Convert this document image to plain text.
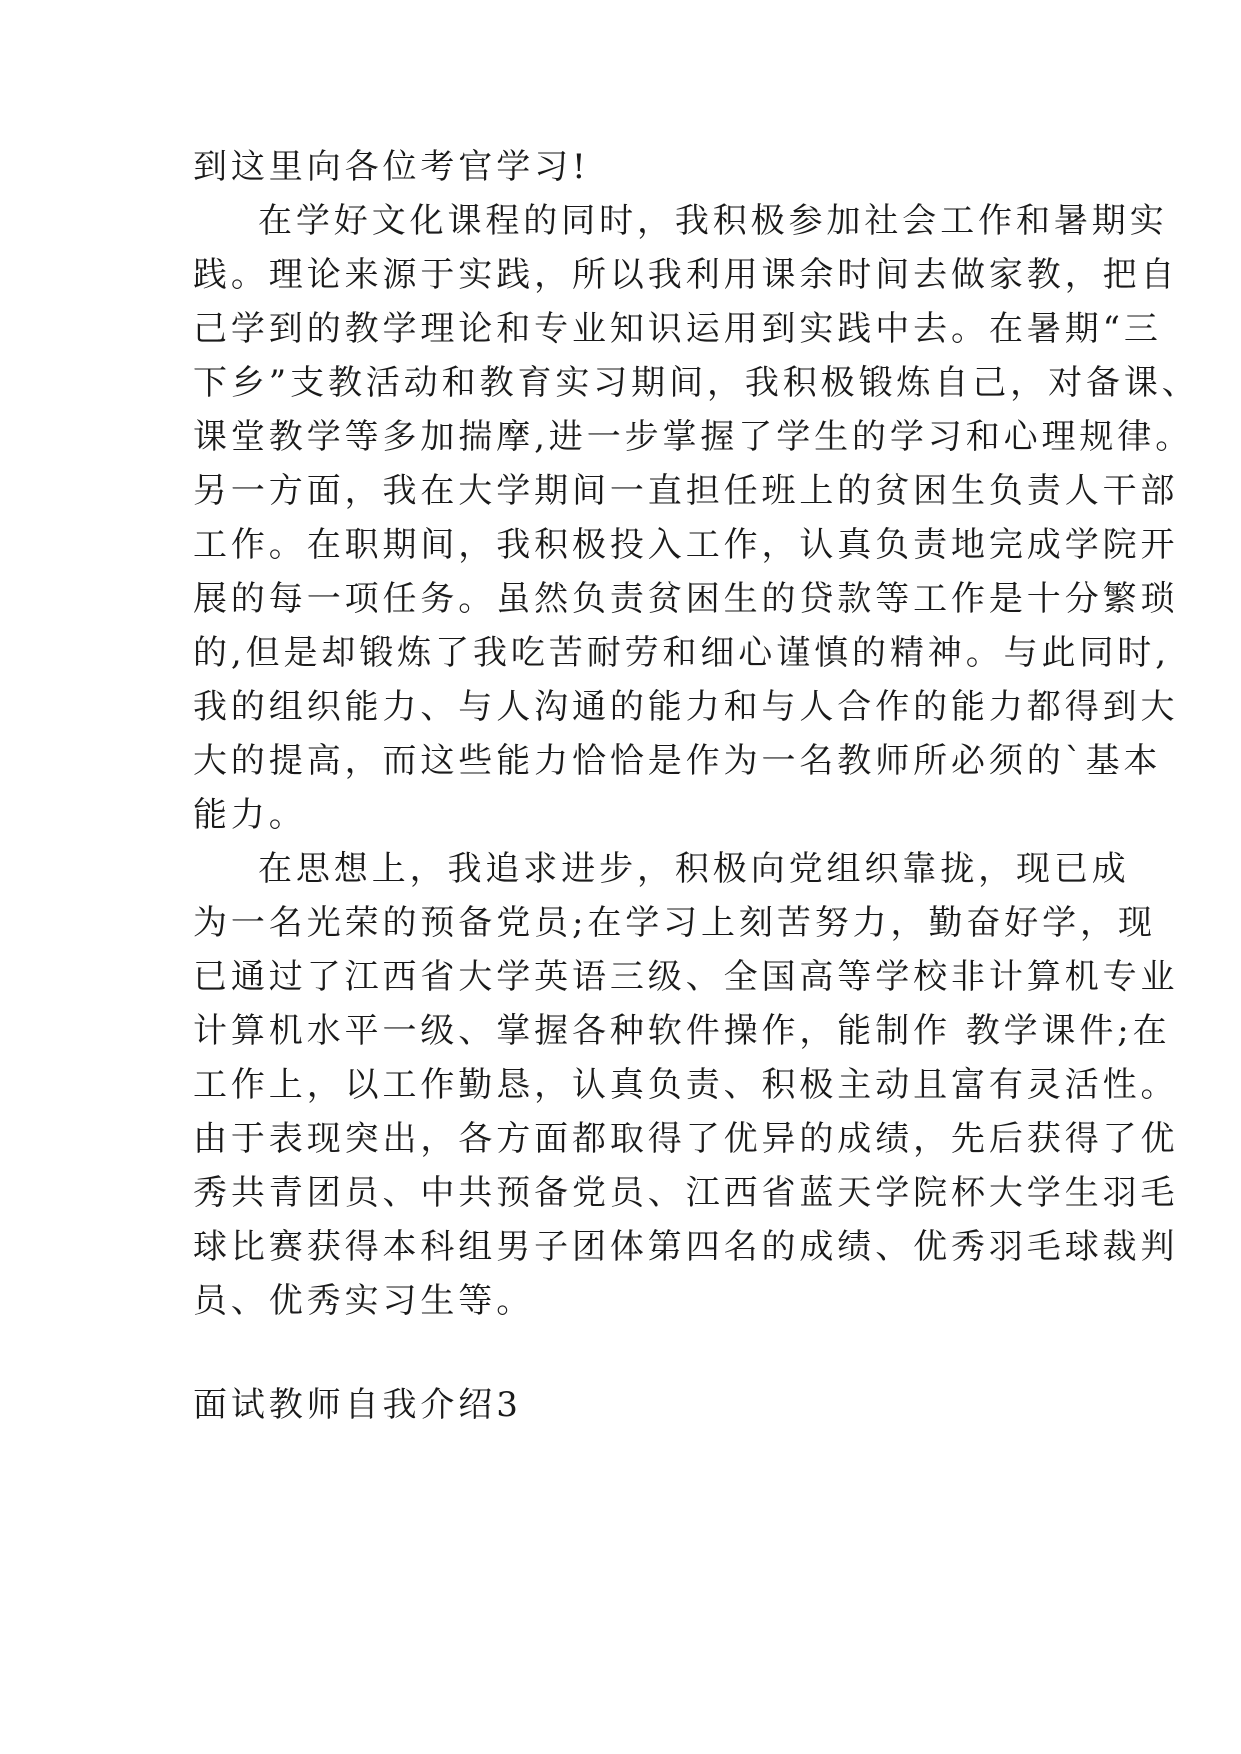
到这里向各位考官学习!
在学好文化课程的同时，我积极参加社会工作和暑期实
践。理论来源于实践，所以我利用课余时间去做家教，把自
己学到的教学理论和专业知识运用到实践中去。在暑期“三
下乡”支教活动和教育实习期间，我积极锻炼自己，对备课、
课堂教学等多加揣摩,进一步掌握了学生的学习和心理规律。
另一方面，我在大学期间一直担任班上的贫困生负责人干部
工作。在职期间，我积极投入工作，认真负责地完成学院开
展的每一项任务。虽然负责贫困生的贷款等工作是十分繁琐
的,但是却锻炼了我吃苦耐劳和细心谨慎的精神。与此同时,
我的组织能力、与人沟通的能力和与人合作的能力都得到大
大的提高，而这些能力恰恰是作为一名教师所必须的`基本
能力。
在思想上，我追求进步，积极向党组织靠拢，现已成
为一名光荣的预备党员;在学习上刻苦努力，勤奋好学，现
已通过了江西省大学英语三级、全国高等学校非计算机专业
计算机水平一级、掌握各种软件操作，能制作 教学课件;在
工作上，以工作勤恳，认真负责、积极主动且富有灵活性。
由于表现突出，各方面都取得了优异的成绩，先后获得了优
秀共青团员、中共预备党员、江西省蓝天学院杯大学生羽毛
球比赛获得本科组男子团体第四名的成绩、优秀羽毛球裁判
员、优秀实习生等。
面试教师自我介绍3
